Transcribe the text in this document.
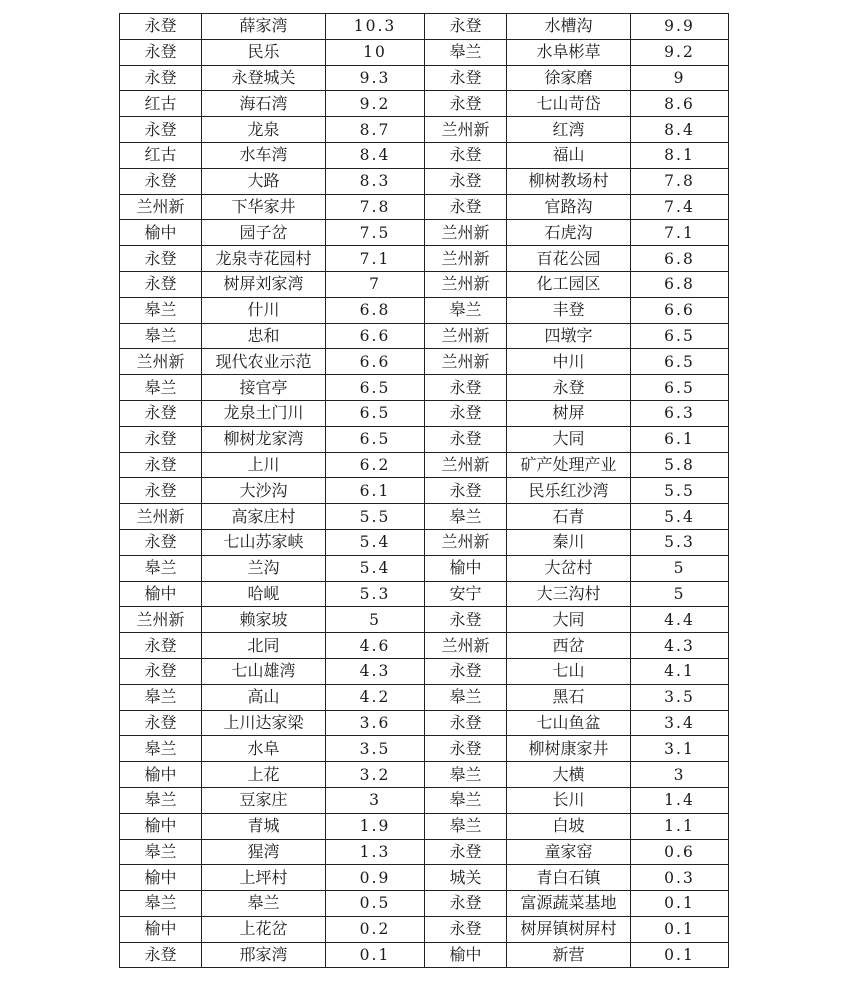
永登	薛家湾	10.3	永登	水槽沟	9.9
永登	民乐	10	皋兰	水阜彬草	9.2
永登	永登城关	9.3	永登	徐家磨	9
红古	海石湾	9.2	永登	七山苛岱	8.6
永登	龙泉	8.7	兰州新	红湾	8.4
红古	水车湾	8.4	永登	福山	8.1
永登	大路	8.3	永登	柳树教场村	7.8
兰州新	下华家井	7.8	永登	官路沟	7.4
榆中	园子岔	7.5	兰州新	石虎沟	7.1
永登	龙泉寺花园村	7.1	兰州新	百花公园	6.8
永登	树屏刘家湾	7	兰州新	化工园区	6.8
皋兰	什川	6.8	皋兰	丰登	6.6
皋兰	忠和	6.6	兰州新	四墩字	6.5
兰州新	现代农业示范	6.6	兰州新	中川	6.5
皋兰	接官亭	6.5	永登	永登	6.5
永登	龙泉土门川	6.5	永登	树屏	6.3
永登	柳树龙家湾	6.5	永登	大同	6.1
永登	上川	6.2	兰州新	矿产处理产业	5.8
永登	大沙沟	6.1	永登	民乐红沙湾	5.5
兰州新	高家庄村	5.5	皋兰	石青	5.4
永登	七山苏家峡	5.4	兰州新	秦川	5.3
皋兰	兰沟	5.4	榆中	大岔村	5
榆中	哈岘	5.3	安宁	大三沟村	5
兰州新	赖家坡	5	永登	大同	4.4
永登	北同	4.6	兰州新	西岔	4.3
永登	七山雄湾	4.3	永登	七山	4.1
皋兰	高山	4.2	皋兰	黑石	3.5
永登	上川达家梁	3.6	永登	七山鱼盆	3.4
皋兰	水阜	3.5	永登	柳树康家井	3.1
榆中	上花	3.2	皋兰	大横	3
皋兰	豆家庄	3	皋兰	长川	1.4
榆中	青城	1.9	皋兰	白坡	1.1
皋兰	猩湾	1.3	永登	童家窑	0.6
榆中	上坪村	0.9	城关	青白石镇	0.3
皋兰	皋兰	0.5	永登	富源蔬菜基地	0.1
榆中	上花岔	0.2	永登	树屏镇树屏村	0.1
永登	邢家湾	0.1	榆中	新营	0.1
